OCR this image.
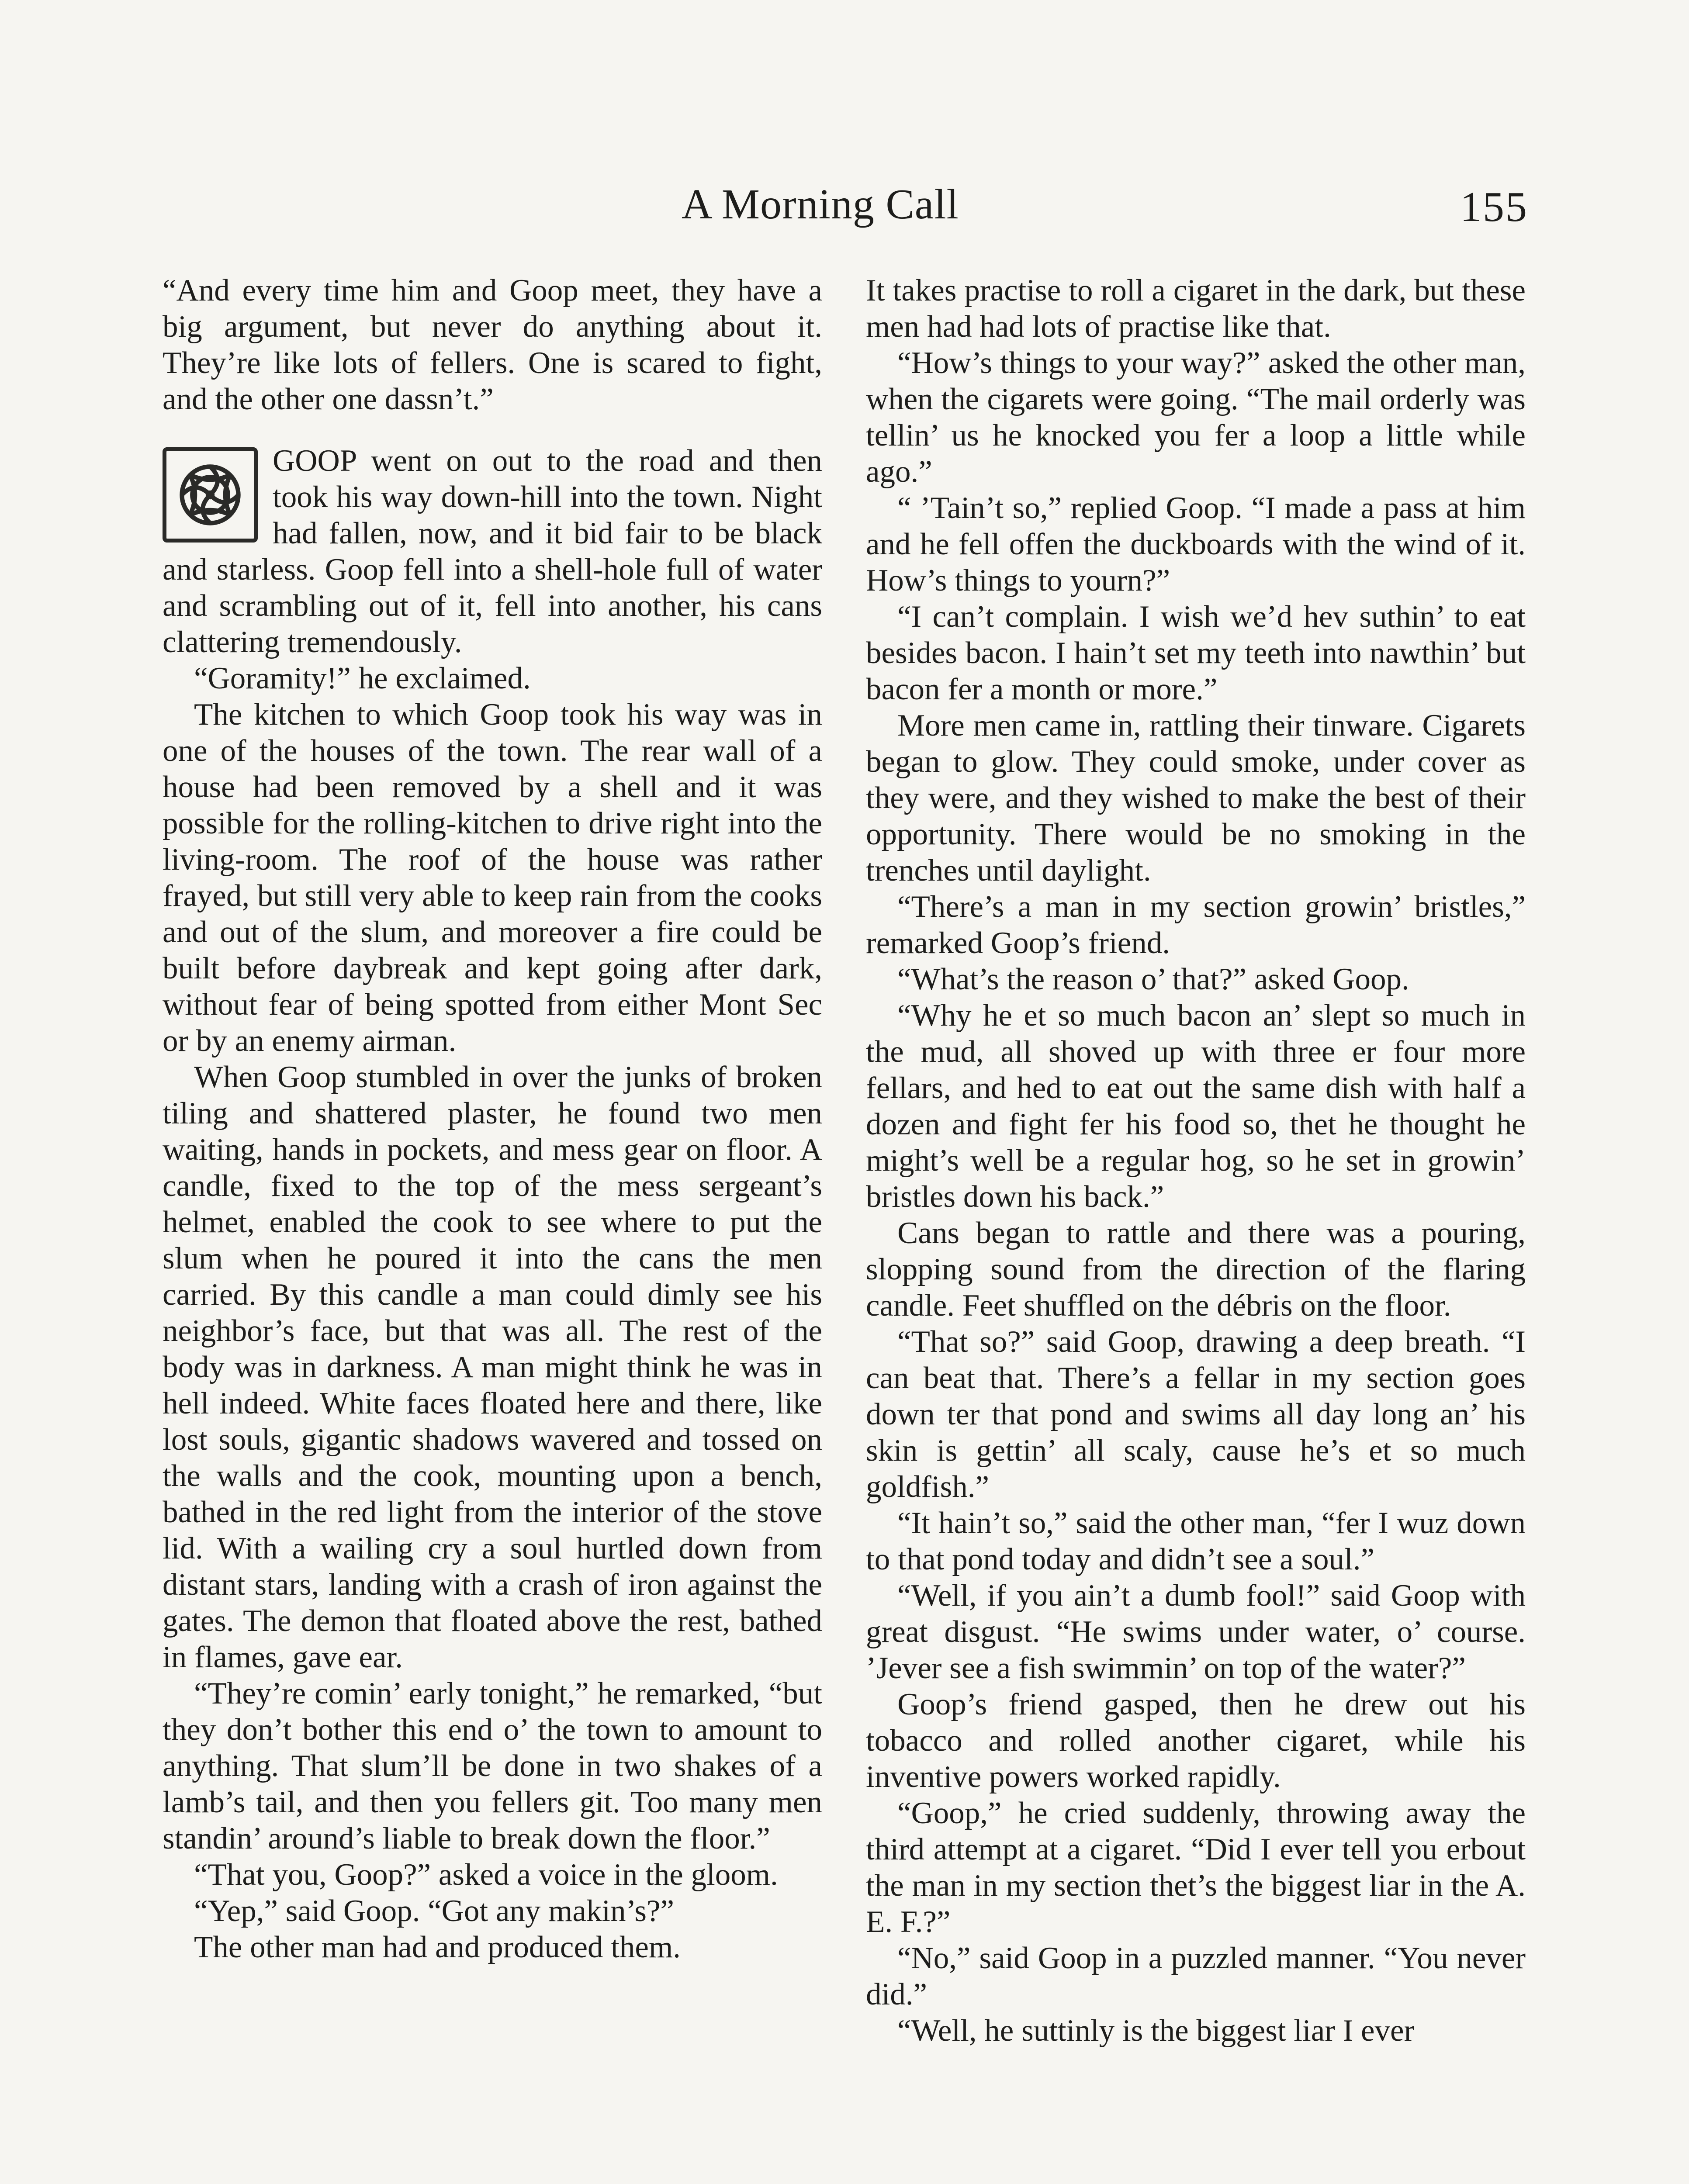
A Morning Call	155

“And every time him and Goop meet, they have a big argument, but never do anything about it. They’re like lots of fellers. One is scared to fight, and the other one dassn’t.”

GOOP went on out to the road and then took his way down-hill into the town. Night had fallen, now, and it bid fair to be black and starless. Goop fell into a shell-hole full of water and scrambling out of it, fell into another, his cans clattering tremendously.

“Goramity!” he exclaimed.

The kitchen to which Goop took his way was in one of the houses of the town. The rear wall of a house had been removed by a shell and it was possible for the rolling-kitchen to drive right into the living-room. The roof of the house was rather frayed, but still very able to keep rain from the cooks and out of the slum, and moreover a fire could be built before daybreak and kept going after dark, without fear of being spotted from either Mont Sec or by an enemy airman.

When Goop stumbled in over the junks of broken tiling and shattered plaster, he found two men waiting, hands in pockets, and mess gear on floor. A candle, fixed to the top of the mess sergeant’s helmet, enabled the cook to see where to put the slum when he poured it into the cans the men carried. By this candle a man could dimly see his neighbor’s face, but that was all. The rest of the body was in darkness. A man might think he was in hell indeed. White faces floated here and there, like lost souls, gigantic shadows wavered and tossed on the walls and the cook, mounting upon a bench, bathed in the red light from the interior of the stove lid. With a wailing cry a soul hurtled down from distant stars, landing with a crash of iron against the gates. The demon that floated above the rest, bathed in flames, gave ear.

“They’re comin’ early tonight,” he remarked, “but they don’t bother this end o’ the town to amount to anything. That slum’ll be done in two shakes of a lamb’s tail, and then you fellers git. Too many men standin’ around’s liable to break down the floor.”

“That you, Goop?” asked a voice in the gloom.

“Yep,” said Goop. “Got any makin’s?”

The other man had and produced them.

It takes practise to roll a cigaret in the dark, but these men had had lots of practise like that.

“How’s things to your way?” asked the other man, when the cigarets were going. “The mail orderly was tellin’ us he knocked you fer a loop a little while ago.”

“ ’Tain’t so,” replied Goop. “I made a pass at him and he fell offen the duckboards with the wind of it. How’s things to yourn?”

“I can’t complain. I wish we’d hev suthin’ to eat besides bacon. I hain’t set my teeth into nawthin’ but bacon fer a month or more.”

More men came in, rattling their tinware. Cigarets began to glow. They could smoke, under cover as they were, and they wished to make the best of their opportunity. There would be no smoking in the trenches until daylight.

“There’s a man in my section growin’ bristles,” remarked Goop’s friend.

“What’s the reason o’ that?” asked Goop.

“Why he et so much bacon an’ slept so much in the mud, all shoved up with three er four more fellars, and hed to eat out the same dish with half a dozen and fight fer his food so, thet he thought he might’s well be a regular hog, so he set in growin’ bristles down his back.”

Cans began to rattle and there was a pouring, slopping sound from the direction of the flaring candle. Feet shuffled on the débris on the floor.

“That so?” said Goop, drawing a deep breath. “I can beat that. There’s a fellar in my section goes down ter that pond and swims all day long an’ his skin is gettin’ all scaly, cause he’s et so much goldfish.”

“It hain’t so,” said the other man, “fer I wuz down to that pond today and didn’t see a soul.”

“Well, if you ain’t a dumb fool!” said Goop with great disgust. “He swims under water, o’ course. ’Jever see a fish swimmin’ on top of the water?”

Goop’s friend gasped, then he drew out his tobacco and rolled another cigaret, while his inventive powers worked rapidly.

“Goop,” he cried suddenly, throwing away the third attempt at a cigaret. “Did I ever tell you erbout the man in my section thet’s the biggest liar in the A. E. F.?”

“No,” said Goop in a puzzled manner. “You never did.”

“Well, he suttinly is the biggest liar I ever
